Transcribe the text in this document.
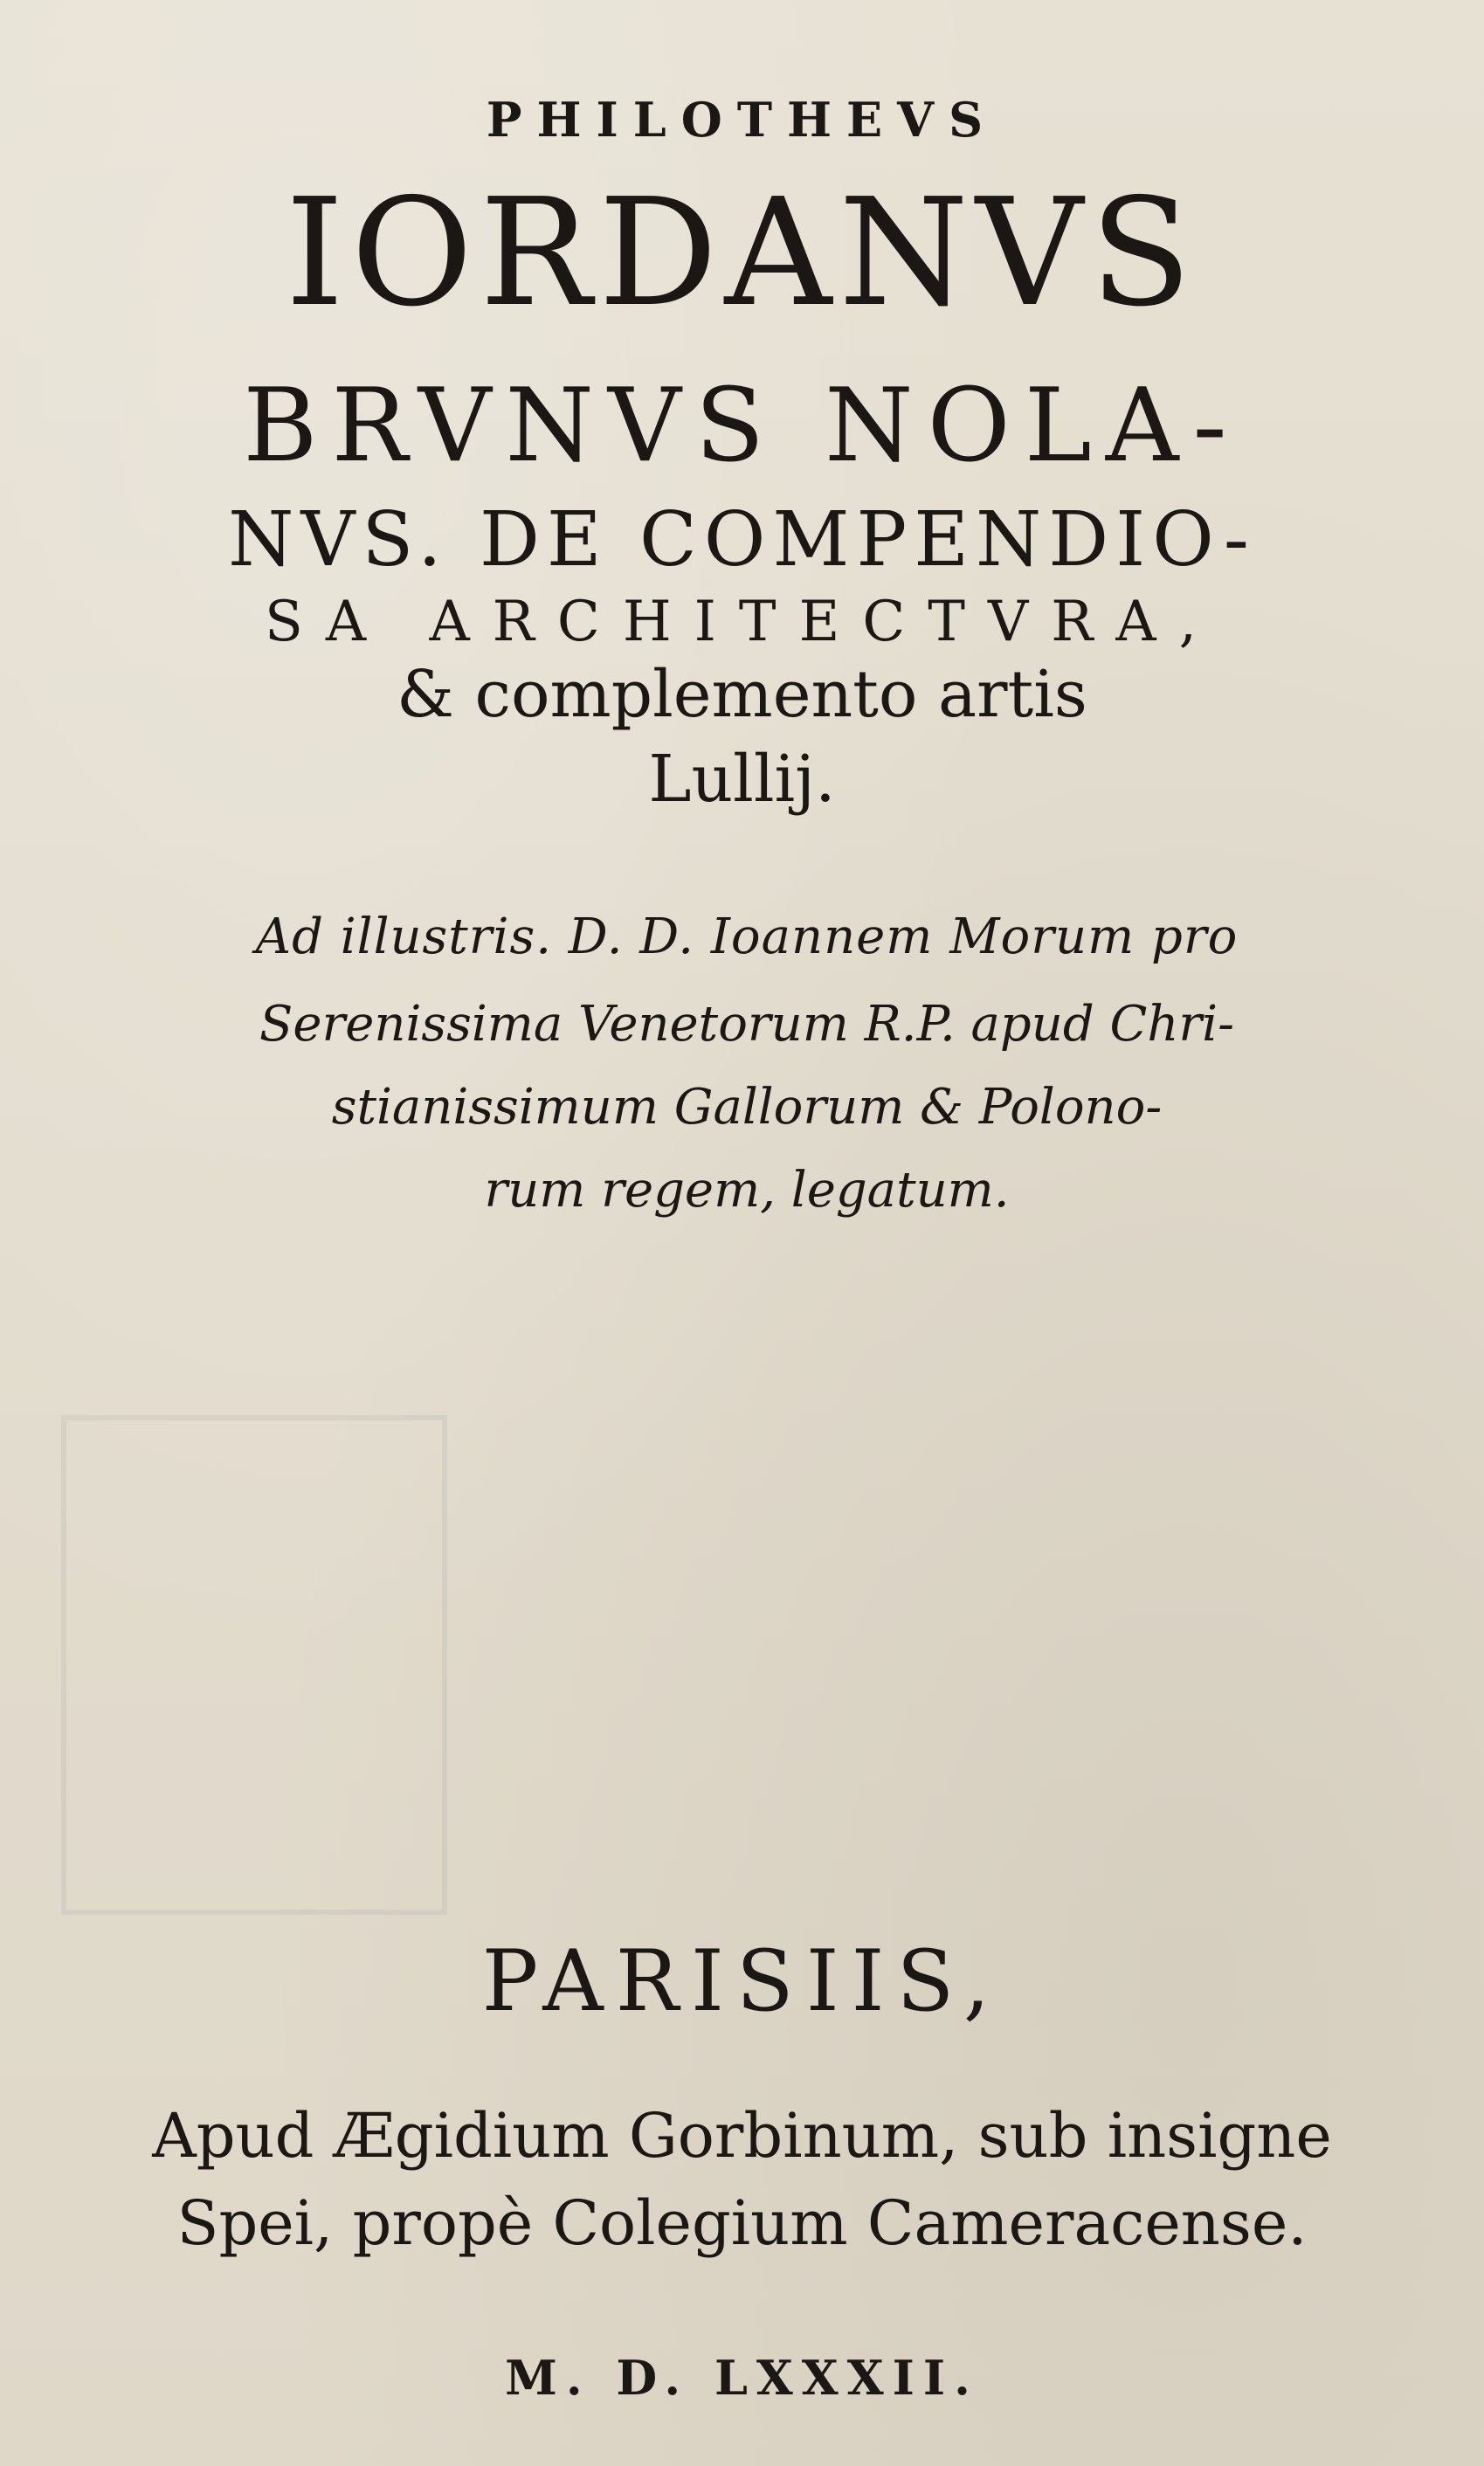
PHILOTHEVS
IORDANVS
BRVNVS NOLA-
NVS. DE COMPENDIO-
SA ARCHITECTVRA,
& complemento artis
Lullij.
Ad illustris. D. D. Ioannem Morum pro
Serenissima Venetorum R.P. apud Chri-
stianissimum Gallorum & Polono-
rum regem, legatum.
PARISIIS,
Apud Ægidium Gorbinum, sub insigne
Spei, propè Colegium Cameracense.
M. D. LXXXII.
